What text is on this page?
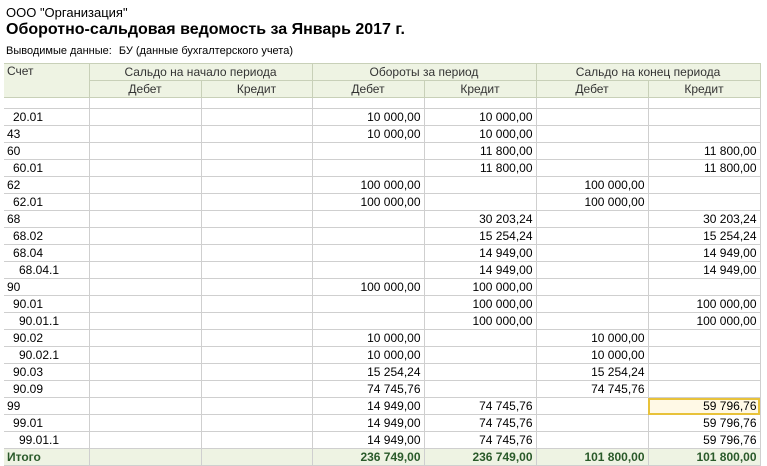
ООО "Организация"
Оборотно-сальдовая ведомость за Январь 2017 г.
Выводимые данные: БУ (данные бухгалтерского учета)
Счет	Сальдо на начало периода		Обороты за период		Сальдо на конец периода	
	Дебет	Кредит	Дебет	Кредит	Дебет	Кредит

20.01			10 000,00	10 000,00		
43			10 000,00	10 000,00		
60				11 800,00		11 800,00
60.01				11 800,00		11 800,00
62			100 000,00		100 000,00	
62.01			100 000,00		100 000,00	
68				30 203,24		30 203,24
68.02				15 254,24		15 254,24
68.04				14 949,00		14 949,00
68.04.1				14 949,00		14 949,00
90			100 000,00	100 000,00		
90.01				100 000,00		100 000,00
90.01.1				100 000,00		100 000,00
90.02			10 000,00		10 000,00	
90.02.1			10 000,00		10 000,00	
90.03			15 254,24		15 254,24	
90.09			74 745,76		74 745,76	
99			14 949,00	74 745,76		59 796,76
99.01			14 949,00	74 745,76		59 796,76
99.01.1			14 949,00	74 745,76		59 796,76
Итого			236 749,00	236 749,00	101 800,00	101 800,00
